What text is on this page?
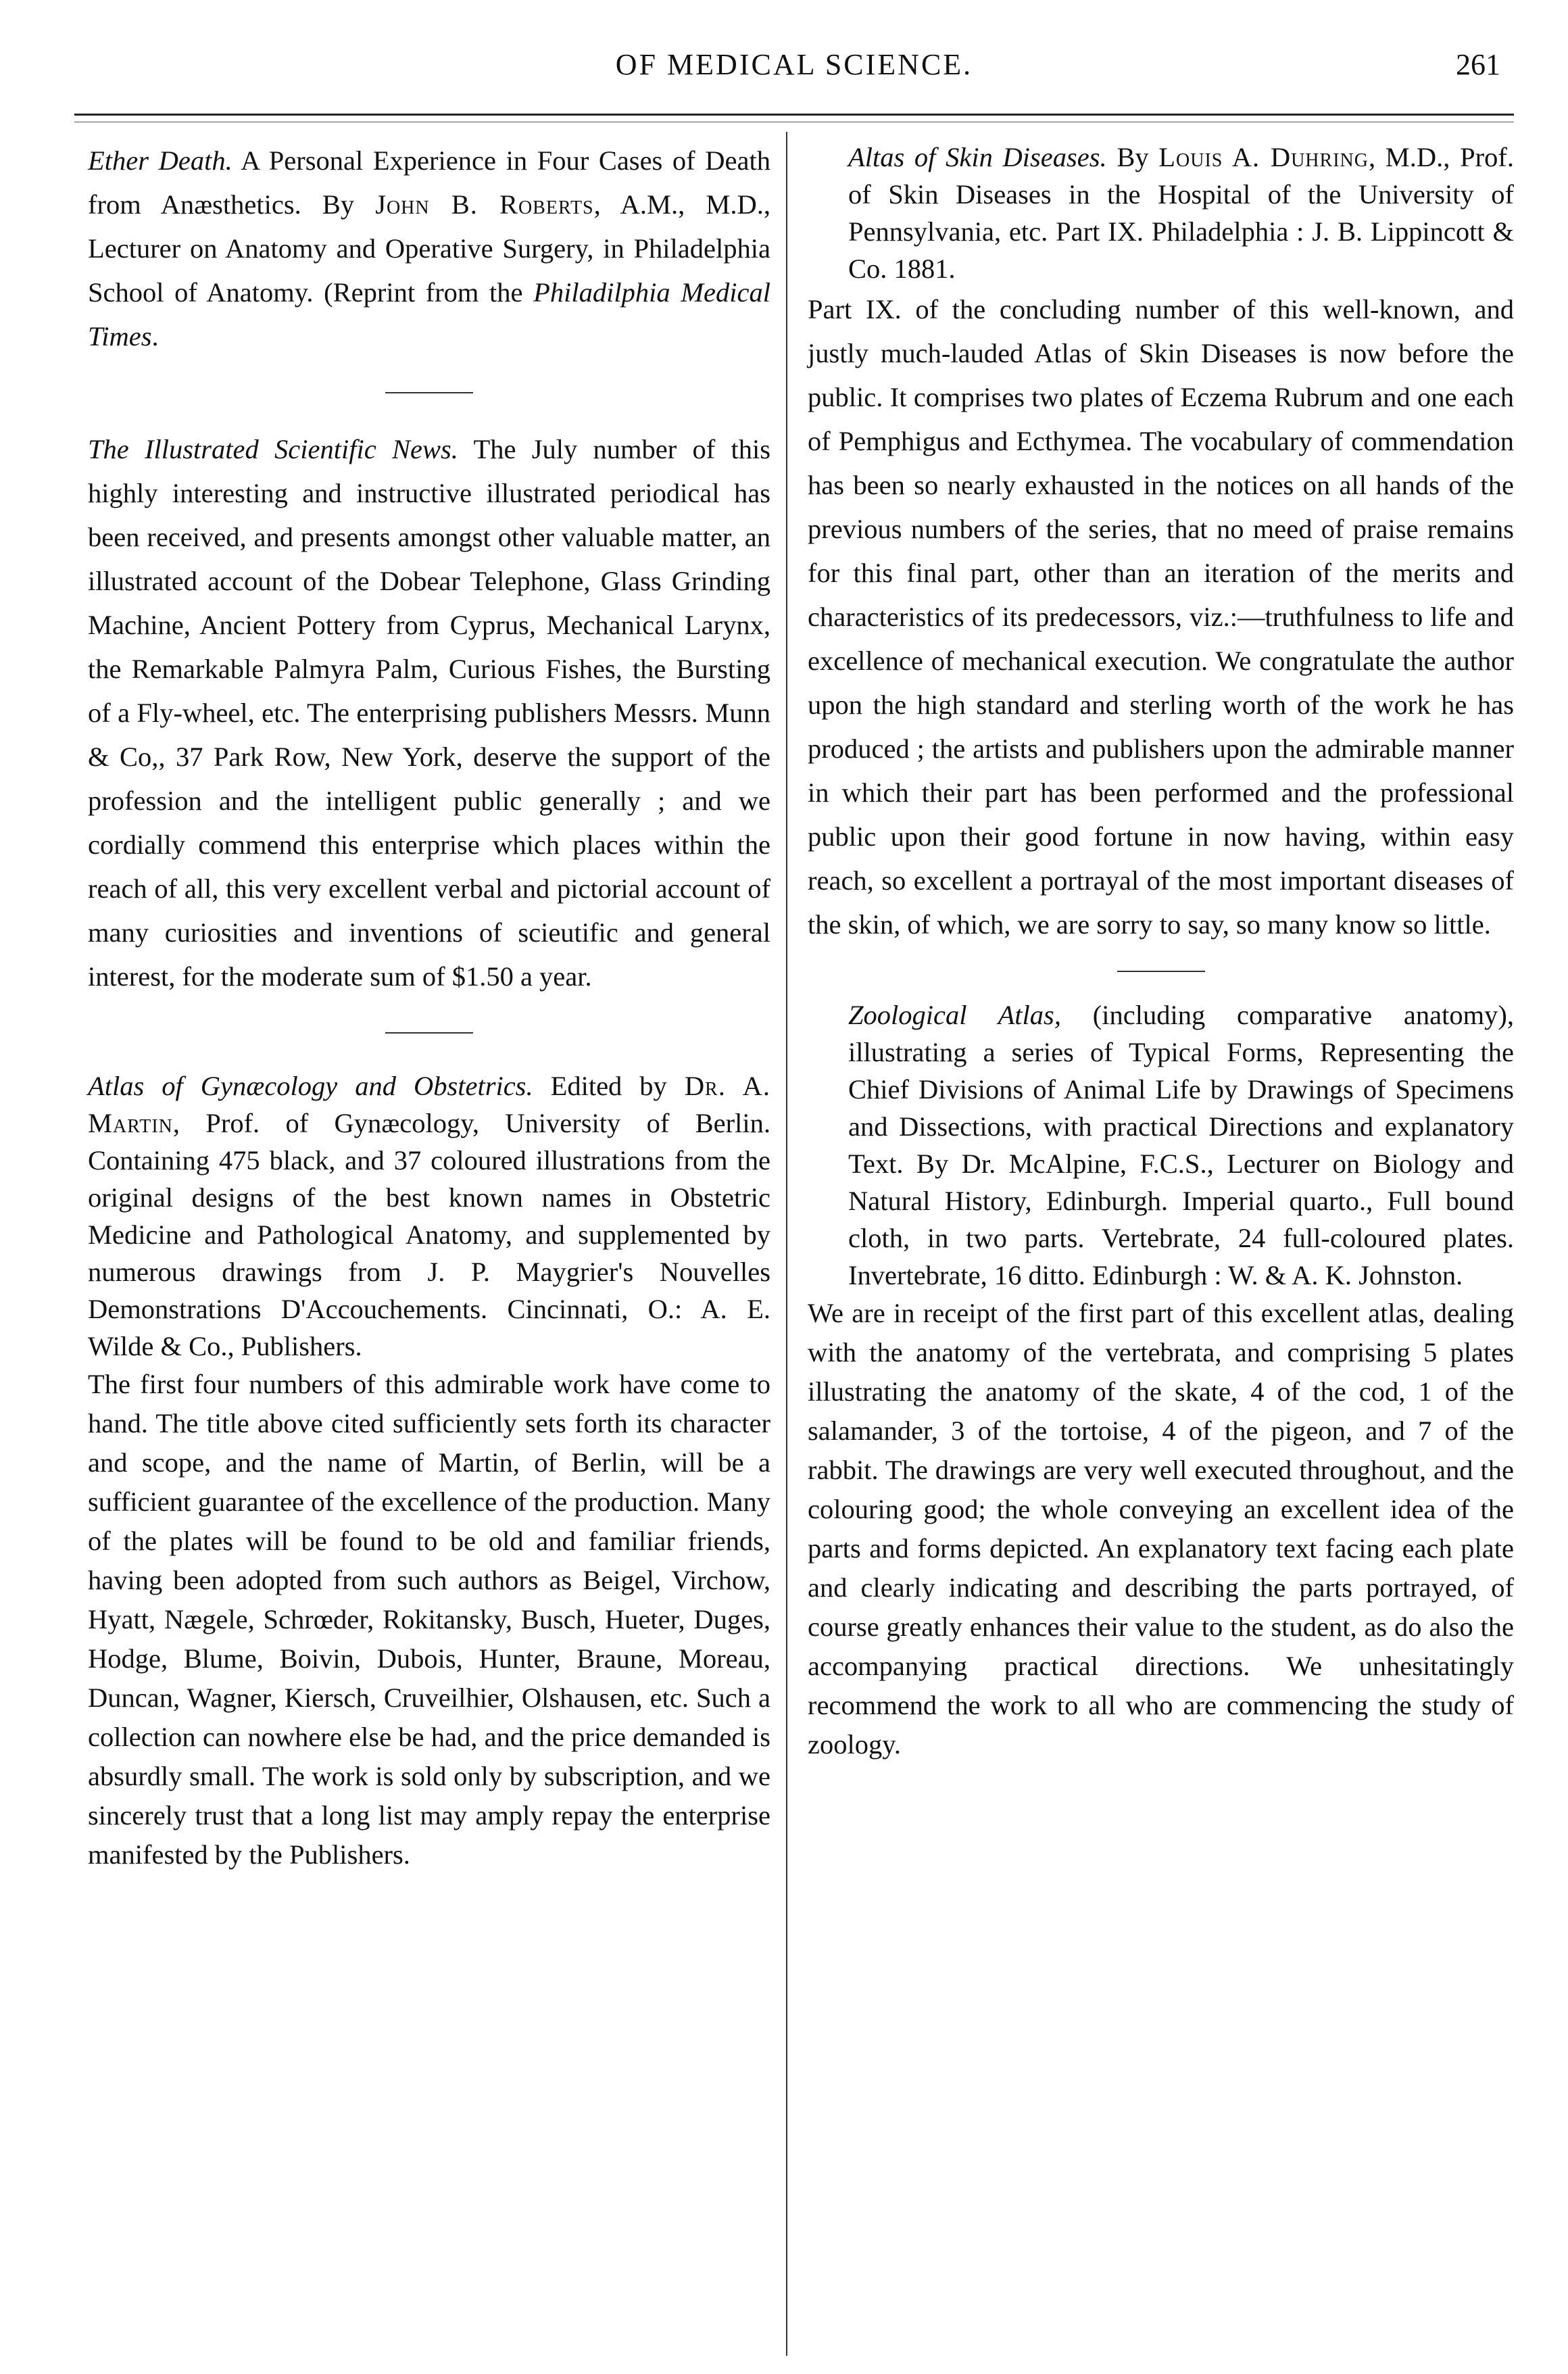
OF MEDICAL SCIENCE.	261

Ether Death. A Personal Experience in Four Cases of Death from Anæsthetics. By John B. Roberts, A.M., M.D., Lecturer on Anatomy and Operative Surgery, in Philadelphia School of Anatomy. (Reprint from the Philadilphia Medical Times.

The Illustrated Scientific News. The July number of this highly interesting and instructive illustrated periodical has been received, and presents amongst other valuable matter, an illustrated account of the Dobear Telephone, Glass Grinding Machine, Ancient Pottery from Cyprus, Mechanical Larynx, the Remarkable Palmyra Palm, Curious Fishes, the Bursting of a Fly-wheel, etc. The enterprising publishers Messrs. Munn & Co,, 37 Park Row, New York, deserve the support of the profession and the intelligent public generally ; and we cordially commend this enterprise which places within the reach of all, this very excellent verbal and pictorial account of many curiosities and inventions of scieutific and general interest, for the moderate sum of $1.50 a year.

Atlas of Gynæcology and Obstetrics. Edited by Dr. A. Martin, Prof. of Gynæcology, University of Berlin. Containing 475 black, and 37 coloured illustrations from the original designs of the best known names in Obstetric Medicine and Pathological Anatomy, and supplemented by numerous drawings from J. P. Maygrier's Nouvelles Demonstrations D'Accouchements. Cincinnati, O.: A. E. Wilde & Co., Publishers.

The first four numbers of this admirable work have come to hand. The title above cited sufficiently sets forth its character and scope, and the name of Martin, of Berlin, will be a sufficient guarantee of the excellence of the production. Many of the plates will be found to be old and familiar friends, having been adopted from such authors as Beigel, Virchow, Hyatt, Nægele, Schrœder, Rokitansky, Busch, Hueter, Duges, Hodge, Blume, Boivin, Dubois, Hunter, Braune, Moreau, Duncan, Wagner, Kiersch, Cruveilhier, Olshausen, etc. Such a collection can nowhere else be had, and the price demanded is absurdly small. The work is sold only by subscription, and we sincerely trust that a long list may amply repay the enterprise manifested by the Publishers.

Altas of Skin Diseases. By Louis A. Duhring, M.D., Prof. of Skin Diseases in the Hospital of the University of Pennsylvania, etc. Part IX. Philadelphia : J. B. Lippincott & Co. 1881.

Part IX. of the concluding number of this well-known, and justly much-lauded Atlas of Skin Diseases is now before the public. It comprises two plates of Eczema Rubrum and one each of Pemphigus and Ecthymea. The vocabulary of commendation has been so nearly exhausted in the notices on all hands of the previous numbers of the series, that no meed of praise remains for this final part, other than an iteration of the merits and characteristics of its predecessors, viz.:—truthfulness to life and excellence of mechanical execution. We congratulate the author upon the high standard and sterling worth of the work he has produced ; the artists and publishers upon the admirable manner in which their part has been performed and the professional public upon their good fortune in now having, within easy reach, so excellent a portrayal of the most important diseases of the skin, of which, we are sorry to say, so many know so little.

Zoological Atlas, (including comparative anatomy), illustrating a series of Typical Forms, Representing the Chief Divisions of Animal Life by Drawings of Specimens and Dissections, with practical Directions and explanatory Text. By Dr. McAlpine, F.C.S., Lecturer on Biology and Natural History, Edinburgh. Imperial quarto., Full bound cloth, in two parts. Vertebrate, 24 full-coloured plates. Invertebrate, 16 ditto. Edinburgh : W. & A. K. Johnston.

We are in receipt of the first part of this excellent atlas, dealing with the anatomy of the vertebrata, and comprising 5 plates illustrating the anatomy of the skate, 4 of the cod, 1 of the salamander, 3 of the tortoise, 4 of the pigeon, and 7 of the rabbit. The drawings are very well executed throughout, and the colouring good; the whole conveying an excellent idea of the parts and forms depicted. An explanatory text facing each plate and clearly indicating and describing the parts portrayed, of course greatly enhances their value to the student, as do also the accompanying practical directions. We unhesitatingly recommend the work to all who are commencing the study of zoology.
